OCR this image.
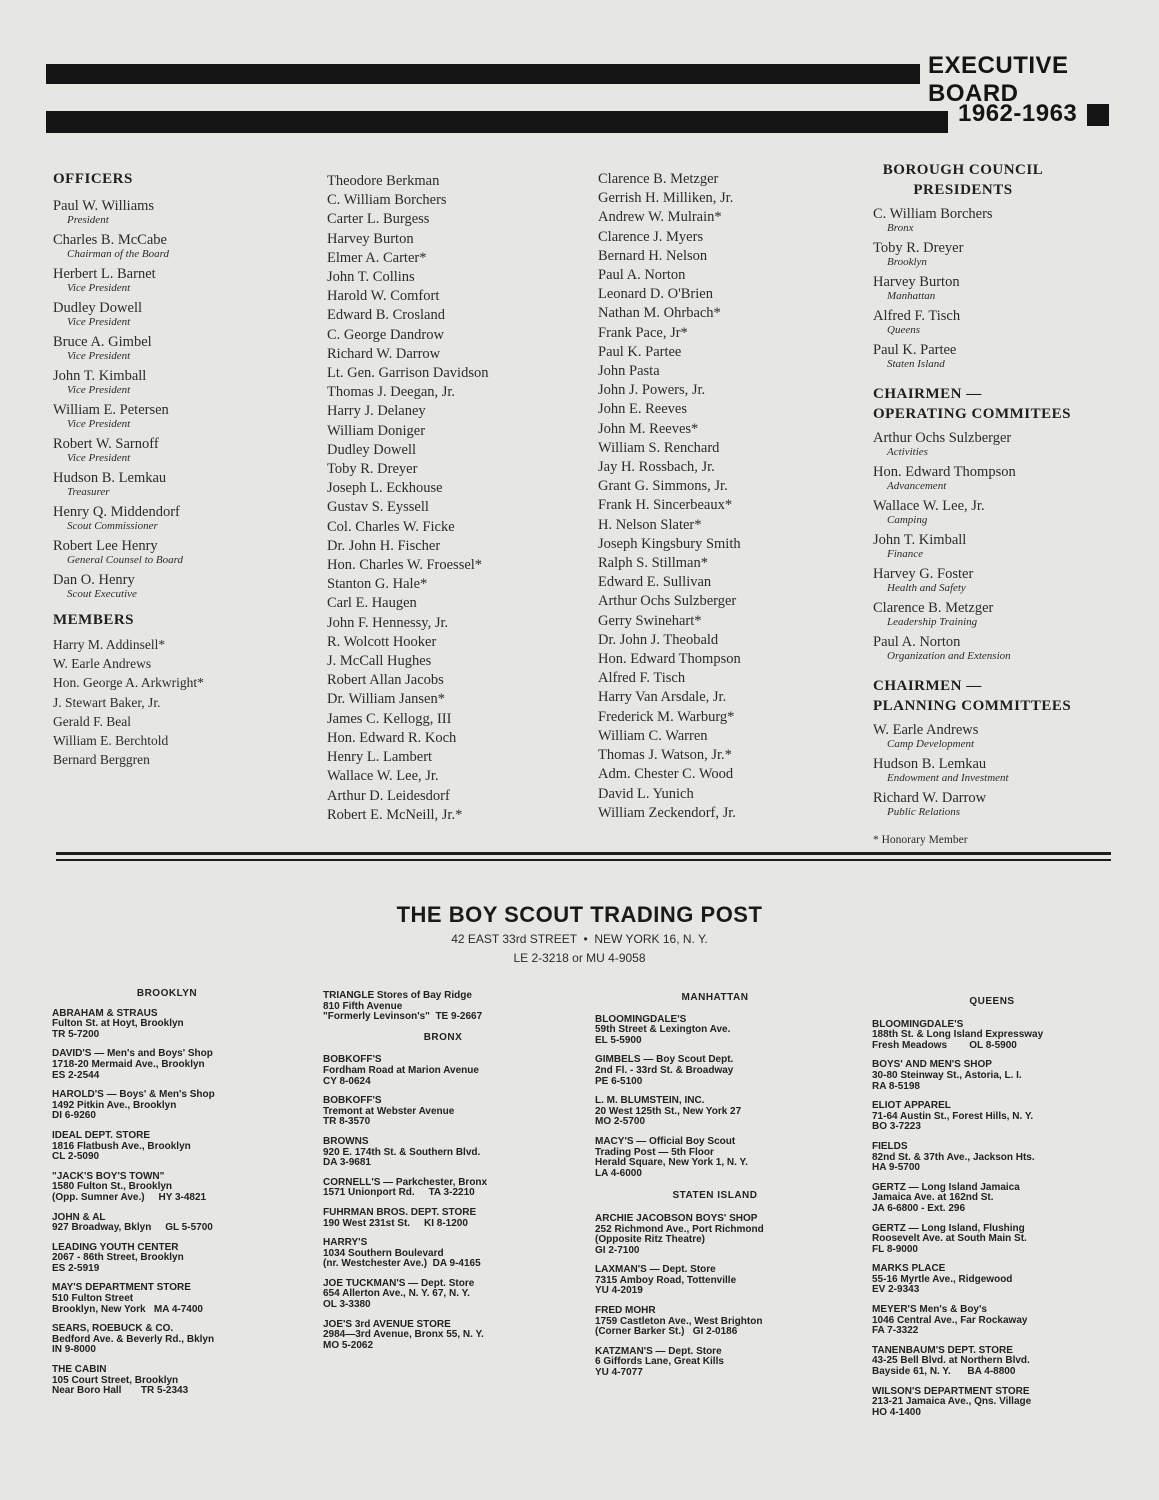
EXECUTIVE BOARD
1962-1963
OFFICERS
Paul W. Williams
President
Charles B. McCabe
Chairman of the Board
Herbert L. Barnet
Vice President
Dudley Dowell
Vice President
Bruce A. Gimbel
Vice President
John T. Kimball
Vice President
William E. Petersen
Vice President
Robert W. Sarnoff
Vice President
Hudson B. Lemkau
Treasurer
Henry Q. Middendorf
Scout Commissioner
Robert Lee Henry
General Counsel to Board
Dan O. Henry
Scout Executive
MEMBERS
Harry M. Addinsell*
W. Earle Andrews
Hon. George A. Arkwright*
J. Stewart Baker, Jr.
Gerald F. Beal
William E. Berchtold
Bernard Berggren
Theodore Berkman
C. William Borchers
Carter L. Burgess
Harvey Burton
Elmer A. Carter*
John T. Collins
Harold W. Comfort
Edward B. Crosland
C. George Dandrow
Richard W. Darrow
Lt. Gen. Garrison Davidson
Thomas J. Deegan, Jr.
Harry J. Delaney
William Doniger
Dudley Dowell
Toby R. Dreyer
Joseph L. Eckhouse
Gustav S. Eyssell
Col. Charles W. Ficke
Dr. John H. Fischer
Hon. Charles W. Froessel*
Stanton G. Hale*
Carl E. Haugen
John F. Hennessy, Jr.
R. Wolcott Hooker
J. McCall Hughes
Robert Allan Jacobs
Dr. William Jansen*
James C. Kellogg, III
Hon. Edward R. Koch
Henry L. Lambert
Wallace W. Lee, Jr.
Arthur D. Leidesdorf
Robert E. McNeill, Jr.*
Clarence B. Metzger
Gerrish H. Milliken, Jr.
Andrew W. Mulrain*
Clarence J. Myers
Bernard H. Nelson
Paul A. Norton
Leonard D. O'Brien
Nathan M. Ohrbach*
Frank Pace, Jr*
Paul K. Partee
John Pasta
John J. Powers, Jr.
John E. Reeves
John M. Reeves*
William S. Renchard
Jay H. Rossbach, Jr.
Grant G. Simmons, Jr.
Frank H. Sincerbeaux*
H. Nelson Slater*
Joseph Kingsbury Smith
Ralph S. Stillman*
Edward E. Sullivan
Arthur Ochs Sulzberger
Gerry Swinehart*
Dr. John J. Theobald
Hon. Edward Thompson
Alfred F. Tisch
Harry Van Arsdale, Jr.
Frederick M. Warburg*
William C. Warren
Thomas J. Watson, Jr.*
Adm. Chester C. Wood
David L. Yunich
William Zeckendorf, Jr.
BOROUGH COUNCIL
PRESIDENTS
C. William Borchers
Bronx
Toby R. Dreyer
Brooklyn
Harvey Burton
Manhattan
Alfred F. Tisch
Queens
Paul K. Partee
Staten Island
CHAIRMEN —
OPERATING COMMITEES
Arthur Ochs Sulzberger
Activities
Hon. Edward Thompson
Advancement
Wallace W. Lee, Jr.
Camping
John T. Kimball
Finance
Harvey G. Foster
Health and Safety
Clarence B. Metzger
Leadership Training
Paul A. Norton
Organization and Extension
CHAIRMEN —
PLANNING COMMITTEES
W. Earle Andrews
Camp Development
Hudson B. Lemkau
Endowment and Investment
Richard W. Darrow
Public Relations
* Honorary Member
THE BOY SCOUT TRADING POST
42 EAST 33rd STREET  •  NEW YORK 16, N. Y.
LE 2-3218 or MU 4-9058
BROOKLYN
ABRAHAM & STRAUS
Fulton St. at Hoyt, Brooklyn
TR 5-7200
DAVID'S — Men's and Boys' Shop
1718-20 Mermaid Ave., Brooklyn
ES 2-2544
HAROLD'S — Boys' & Men's Shop
1492 Pitkin Ave., Brooklyn
DI 6-9260
IDEAL DEPT. STORE
1816 Flatbush Ave., Brooklyn
CL 2-5090
"JACK'S BOY'S TOWN"
1580 Fulton St., Brooklyn
(Opp. Sumner Ave.)     HY 3-4821
JOHN & AL
927 Broadway, Bklyn     GL 5-5700
LEADING YOUTH CENTER
2067 - 86th Street, Brooklyn
ES 2-5919
MAY'S DEPARTMENT STORE
510 Fulton Street
Brooklyn, New York   MA 4-7400
SEARS, ROEBUCK & CO.
Bedford Ave. & Beverly Rd., Bklyn
IN 9-8000
THE CABIN
105 Court Street, Brooklyn
Near Boro Hall       TR 5-2343
TRIANGLE Stores of Bay Ridge
810 Fifth Avenue
"Formerly Levinson's"  TE 9-2667
BRONX
BOBKOFF'S
Fordham Road at Marion Avenue
CY 8-0624
BOBKOFF'S
Tremont at Webster Avenue
TR 8-3570
BROWNS
920 E. 174th St. & Southern Blvd.
DA 3-9681
CORNELL'S — Parkchester, Bronx
1571 Unionport Rd.     TA 3-2210
FUHRMAN BROS. DEPT. STORE
190 West 231st St.     KI 8-1200
HARRY'S
1034 Southern Boulevard
(nr. Westchester Ave.)  DA 9-4165
JOE TUCKMAN'S — Dept. Store
654 Allerton Ave., N. Y. 67, N. Y.
OL 3-3380
JOE'S 3rd AVENUE STORE
2984—3rd Avenue, Bronx 55, N. Y.
MO 5-2062
MANHATTAN
BLOOMINGDALE'S
59th Street & Lexington Ave.
EL 5-5900
GIMBELS — Boy Scout Dept.
2nd Fl. - 33rd St. & Broadway
PE 6-5100
L. M. BLUMSTEIN, INC.
20 West 125th St., New York 27
MO 2-5700
MACY'S — Official Boy Scout
Trading Post — 5th Floor
Herald Square, New York 1, N. Y.
LA 4-6000
STATEN ISLAND
ARCHIE JACOBSON BOYS' SHOP
252 Richmond Ave., Port Richmond
(Opposite Ritz Theatre)
GI 2-7100
LAXMAN'S — Dept. Store
7315 Amboy Road, Tottenville
YU 4-2019
FRED MOHR
1759 Castleton Ave., West Brighton
(Corner Barker St.)   GI 2-0186
KATZMAN'S — Dept. Store
6 Giffords Lane, Great Kills
YU 4-7077
QUEENS
BLOOMINGDALE'S
188th St. & Long Island Expressway
Fresh Meadows        OL 8-5900
BOYS' AND MEN'S SHOP
30-80 Steinway St., Astoria, L. I.
RA 8-5198
ELIOT APPAREL
71-64 Austin St., Forest Hills, N. Y.
BO 3-7223
FIELDS
82nd St. & 37th Ave., Jackson Hts.
HA 9-5700
GERTZ — Long Island Jamaica
Jamaica Ave. at 162nd St.
JA 6-6800 - Ext. 296
GERTZ — Long Island, Flushing
Roosevelt Ave. at South Main St.
FL 8-9000
MARKS PLACE
55-16 Myrtle Ave., Ridgewood
EV 2-9343
MEYER'S Men's & Boy's
1046 Central Ave., Far Rockaway
FA 7-3322
TANENBAUM'S DEPT. STORE
43-25 Bell Blvd. at Northern Blvd.
Bayside 61, N. Y.      BA 4-8800
WILSON'S DEPARTMENT STORE
213-21 Jamaica Ave., Qns. Village
HO 4-1400
